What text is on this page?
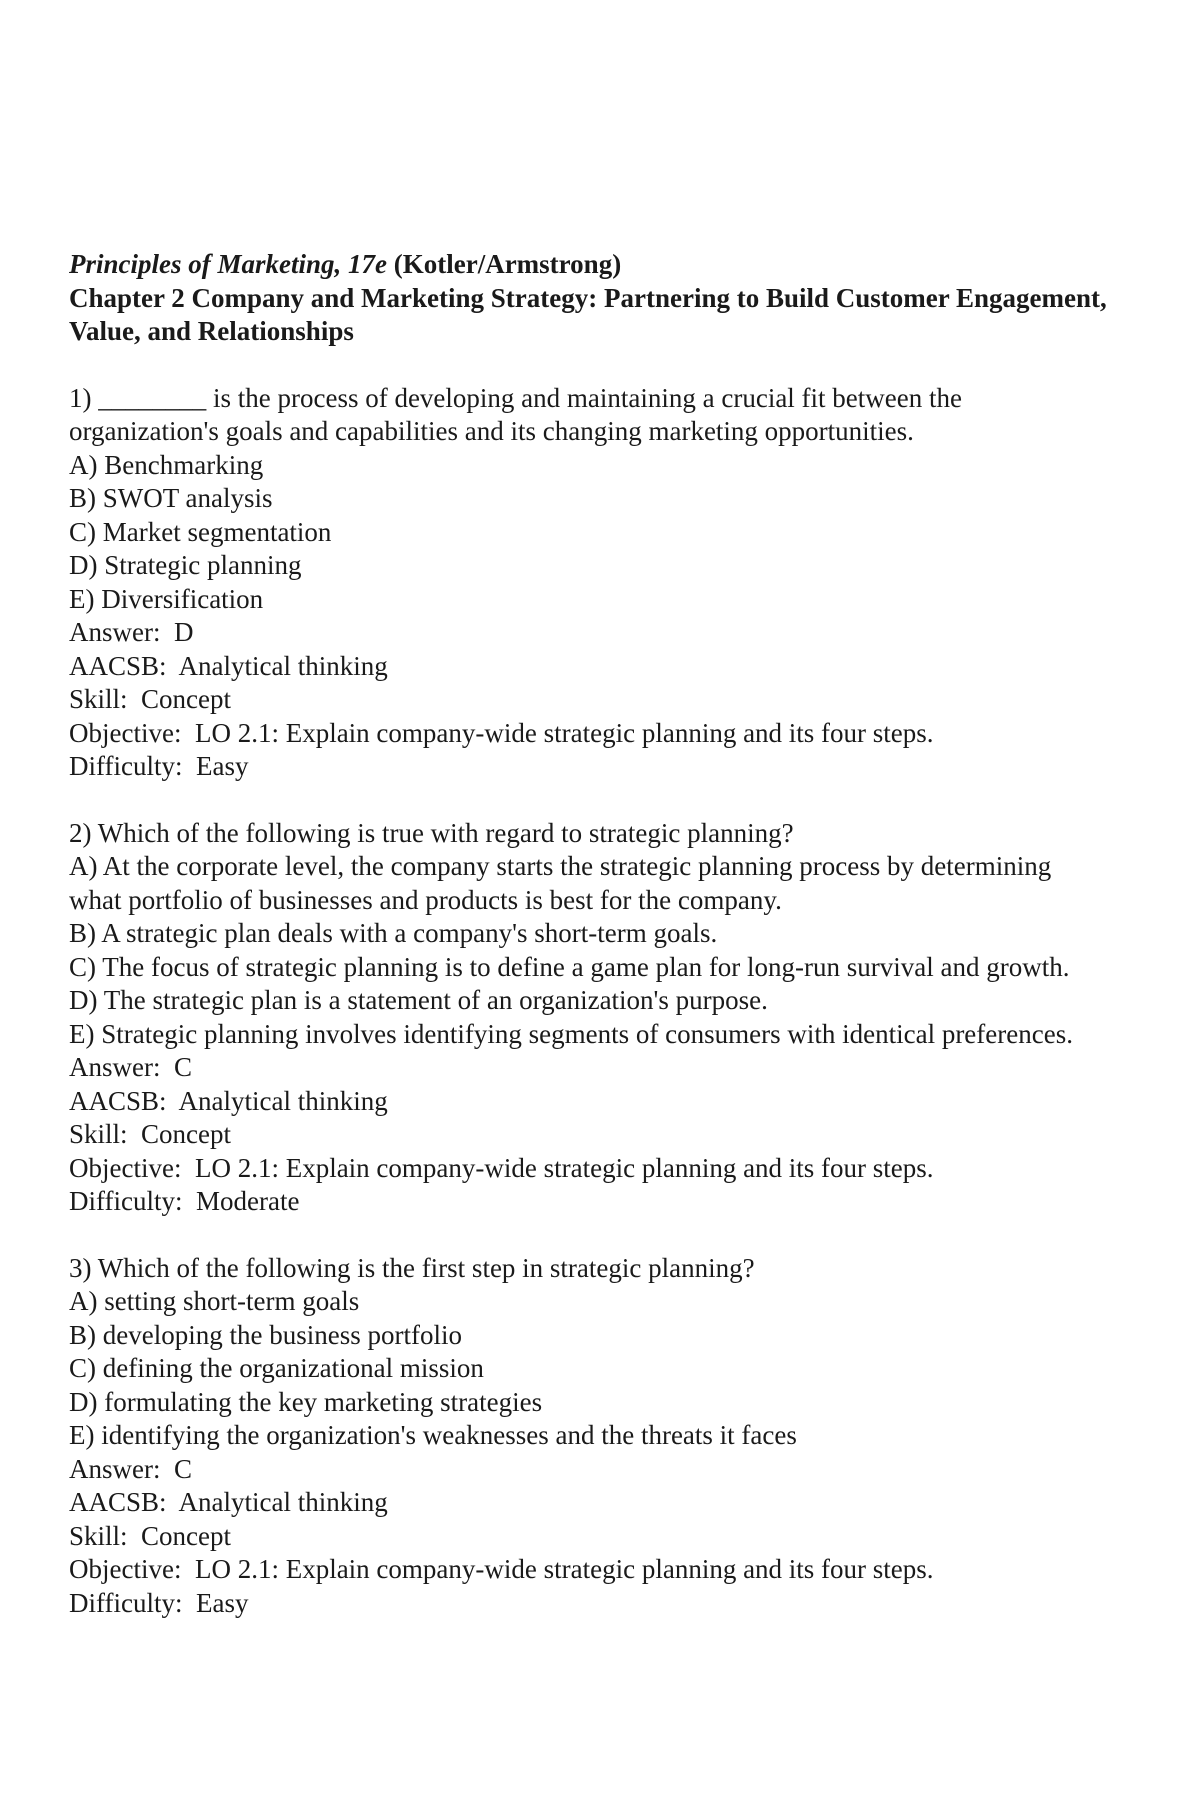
Principles of Marketing, 17e (Kotler/Armstrong)
Chapter 2 Company and Marketing Strategy: Partnering to Build Customer Engagement,
Value, and Relationships
1) ________ is the process of developing and maintaining a crucial fit between the
organization's goals and capabilities and its changing marketing opportunities.
A) Benchmarking
B) SWOT analysis
C) Market segmentation
D) Strategic planning
E) Diversification
Answer:  D
AACSB:  Analytical thinking
Skill:  Concept
Objective:  LO 2.1: Explain company-wide strategic planning and its four steps.
Difficulty:  Easy
2) Which of the following is true with regard to strategic planning?
A) At the corporate level, the company starts the strategic planning process by determining
what portfolio of businesses and products is best for the company.
B) A strategic plan deals with a company's short-term goals.
C) The focus of strategic planning is to define a game plan for long-run survival and growth.
D) The strategic plan is a statement of an organization's purpose.
E) Strategic planning involves identifying segments of consumers with identical preferences.
Answer:  C
AACSB:  Analytical thinking
Skill:  Concept
Objective:  LO 2.1: Explain company-wide strategic planning and its four steps.
Difficulty:  Moderate
3) Which of the following is the first step in strategic planning?
A) setting short-term goals
B) developing the business portfolio
C) defining the organizational mission
D) formulating the key marketing strategies
E) identifying the organization's weaknesses and the threats it faces
Answer:  C
AACSB:  Analytical thinking
Skill:  Concept
Objective:  LO 2.1: Explain company-wide strategic planning and its four steps.
Difficulty:  Easy
